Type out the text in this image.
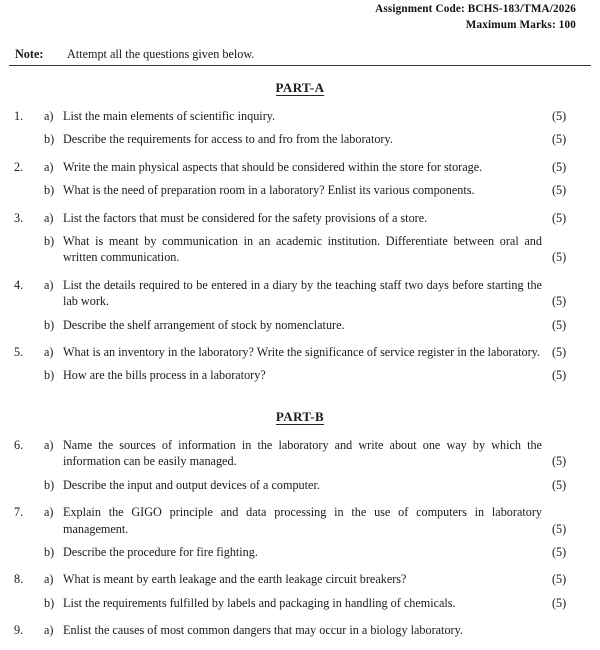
Assignment Code: BCHS-183/TMA/2026
Maximum Marks: 100
Note:	Attempt all the questions given below.
PART-A
1.	a) List the main elements of scientific inquiry.	(5)
b) Describe the requirements for access to and fro from the laboratory.	(5)
2.	a) Write the main physical aspects that should be considered within the store for storage.	(5)
b) What is the need of preparation room in a laboratory? Enlist its various components.	(5)
3.	a) List the factors that must be considered for the safety provisions of a store.	(5)
b) What is meant by communication in an academic institution. Differentiate between oral and written communication.	(5)
4.	a) List the details required to be entered in a diary by the teaching staff two days before starting the lab work.	(5)
b) Describe the shelf arrangement of stock by nomenclature.	(5)
5.	a) What is an inventory in the laboratory? Write the significance of service register in the laboratory. (5)
b) How are the bills process in a laboratory?	(5)
PART-B
6.	a) Name the sources of information in the laboratory and write about one way by which the information can be easily managed.	(5)
b) Describe the input and output devices of a computer.	(5)
7.	a) Explain the GIGO principle and data processing in the use of computers in laboratory management.	(5)
b) Describe the procedure for fire fighting.	(5)
8.	a) What is meant by earth leakage and the earth leakage circuit breakers?	(5)
b) List the requirements fulfilled by labels and packaging in handling of chemicals.	(5)
9.	a) Enlist the causes of most common dangers that may occur in a biology laboratory.
